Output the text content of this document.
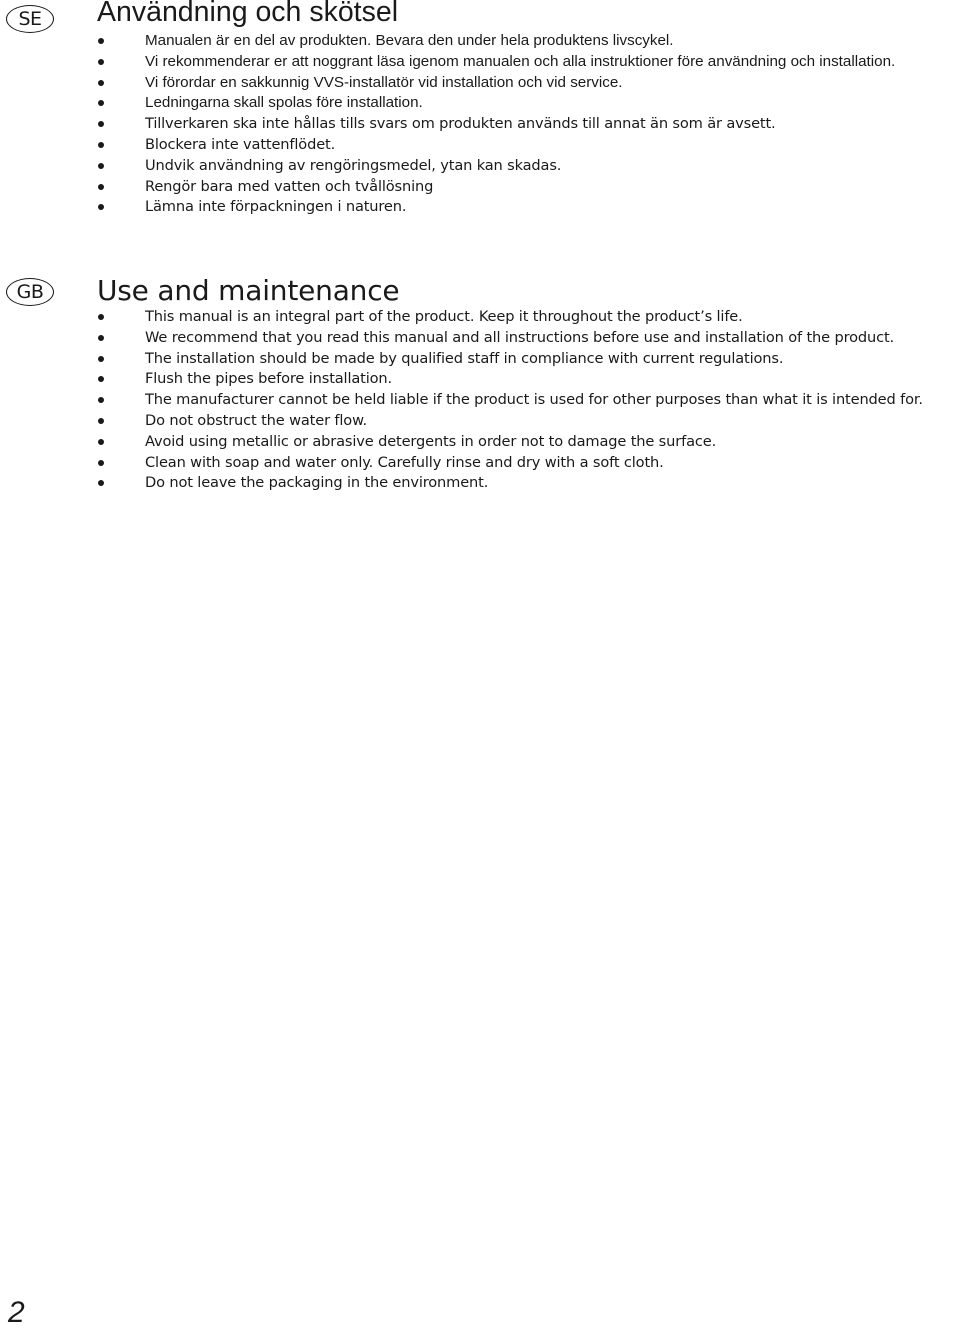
SE	Användning och skötsel
Manualen är en del av produkten. Bevara den under hela produktens livscykel.
Vi rekommenderar er att noggrant läsa igenom manualen och alla instruktioner före användning och installation.
Vi förordar en sakkunnig VVS-installatör vid installation och vid service.
Ledningarna skall spolas före installation.
Tillverkaren ska inte hållas tills svars om produkten används till annat än som är avsett.
Blockera inte vattenflödet.
Undvik användning av rengöringsmedel, ytan kan skadas.
Rengör bara med vatten och tvållösning
Lämna inte förpackningen i naturen.
GB	Use and maintenance
This manual is an integral part of the product. Keep it throughout the product’s life.
We recommend that you read this manual and all instructions before use and installation of the product.
The installation should be made by qualified staff in compliance with current regulations.
Flush the pipes before installation.
The manufacturer cannot be held liable if the product is used for other purposes than what it is intended for.
Do not obstruct the water flow.
Avoid using metallic or abrasive detergents in order not to damage the surface.
Clean with soap and water only. Carefully rinse and dry with a soft cloth.
Do not leave the packaging in the environment.
2
